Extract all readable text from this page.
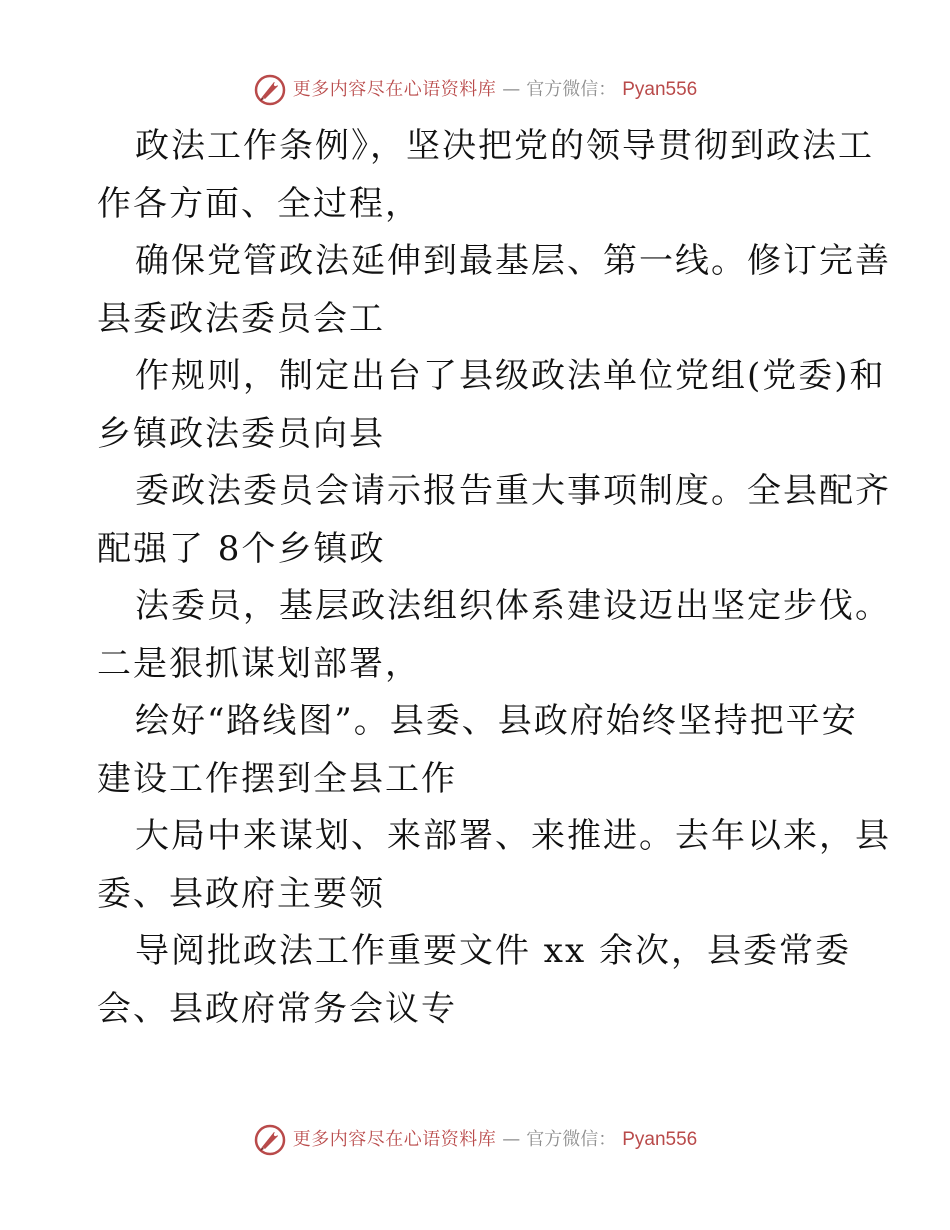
更多内容尽在心语资料库 — 官方微信： Pyan556
政法工作条例》，坚决把党的领导贯彻到政法工
作各方面、全过程，
确保党管政法延伸到最基层、第一线。修订完善
县委政法委员会工
作规则，制定出台了县级政法单位党组(党委)和
乡镇政法委员向县
委政法委员会请示报告重大事项制度。全县配齐
配强了 8个乡镇政
法委员，基层政法组织体系建设迈出坚定步伐。
二是狠抓谋划部署，
绘好“路线图”。县委、县政府始终坚持把平安
建设工作摆到全县工作
大局中来谋划、来部署、来推进。去年以来，县
委、县政府主要领
导阅批政法工作重要文件 xx 余次，县委常委
会、县政府常务会议专
更多内容尽在心语资料库 — 官方微信： Pyan556
